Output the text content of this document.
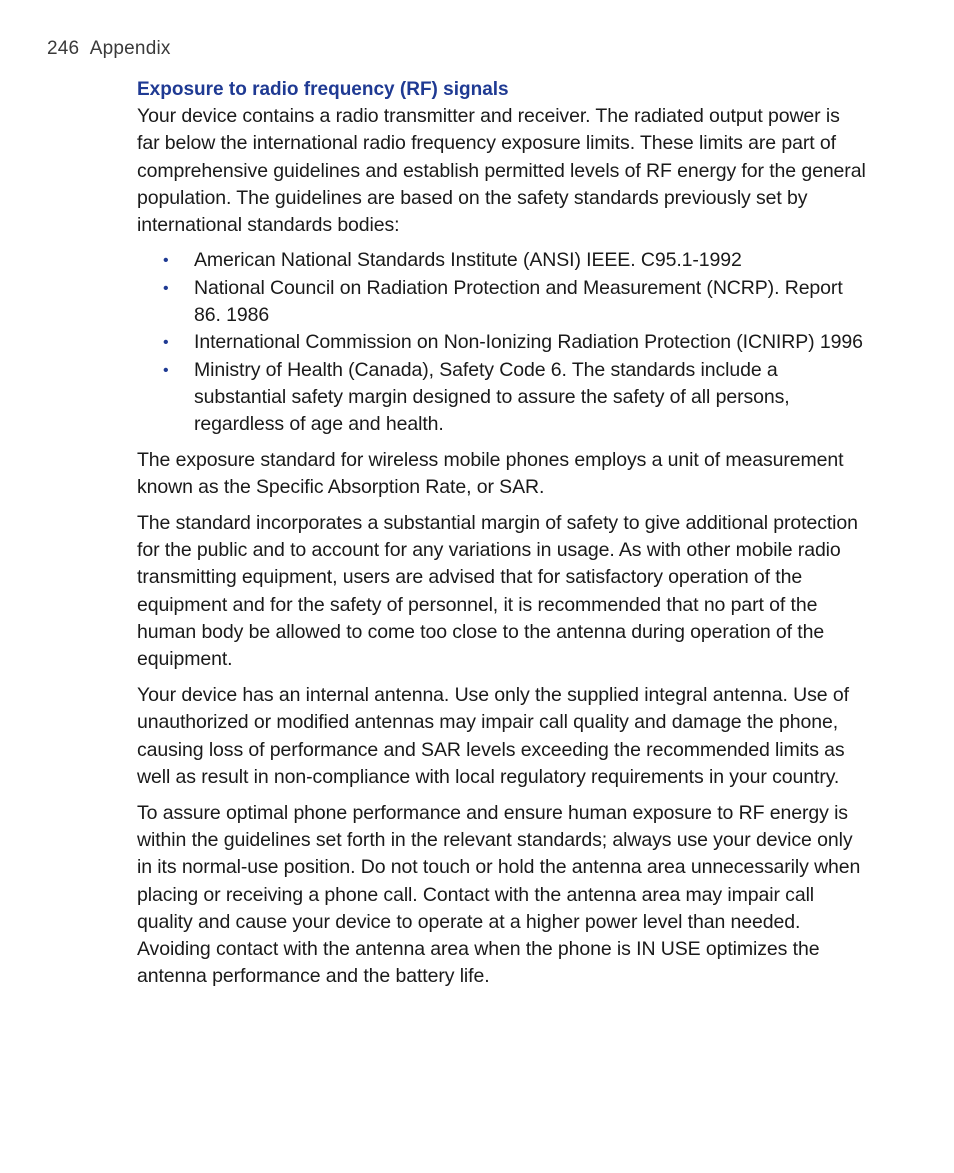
246 Appendix
Exposure to radio frequency (RF) signals

Your device contains a radio transmitter and receiver. The radiated output power is far below the international radio frequency exposure limits. These limits are part of comprehensive guidelines and establish permitted levels of RF energy for the general population. The guidelines are based on the safety standards previously set by international standards bodies:

• American National Standards Institute (ANSI) IEEE. C95.1-1992
• National Council on Radiation Protection and Measurement (NCRP). Report 86. 1986
• International Commission on Non-Ionizing Radiation Protection (ICNIRP) 1996
• Ministry of Health (Canada), Safety Code 6. The standards include a substantial safety margin designed to assure the safety of all persons, regardless of age and health.

The exposure standard for wireless mobile phones employs a unit of measurement known as the Specific Absorption Rate, or SAR.

The standard incorporates a substantial margin of safety to give additional protection for the public and to account for any variations in usage. As with other mobile radio transmitting equipment, users are advised that for satisfactory operation of the equipment and for the safety of personnel, it is recommended that no part of the human body be allowed to come too close to the antenna during operation of the equipment.

Your device has an internal antenna. Use only the supplied integral antenna. Use of unauthorized or modified antennas may impair call quality and damage the phone, causing loss of performance and SAR levels exceeding the recommended limits as well as result in non-compliance with local regulatory requirements in your country.

To assure optimal phone performance and ensure human exposure to RF energy is within the guidelines set forth in the relevant standards; always use your device only in its normal-use position. Do not touch or hold the antenna area unnecessarily when placing or receiving a phone call. Contact with the antenna area may impair call quality and cause your device to operate at a higher power level than needed. Avoiding contact with the antenna area when the phone is IN USE optimizes the antenna performance and the battery life.
